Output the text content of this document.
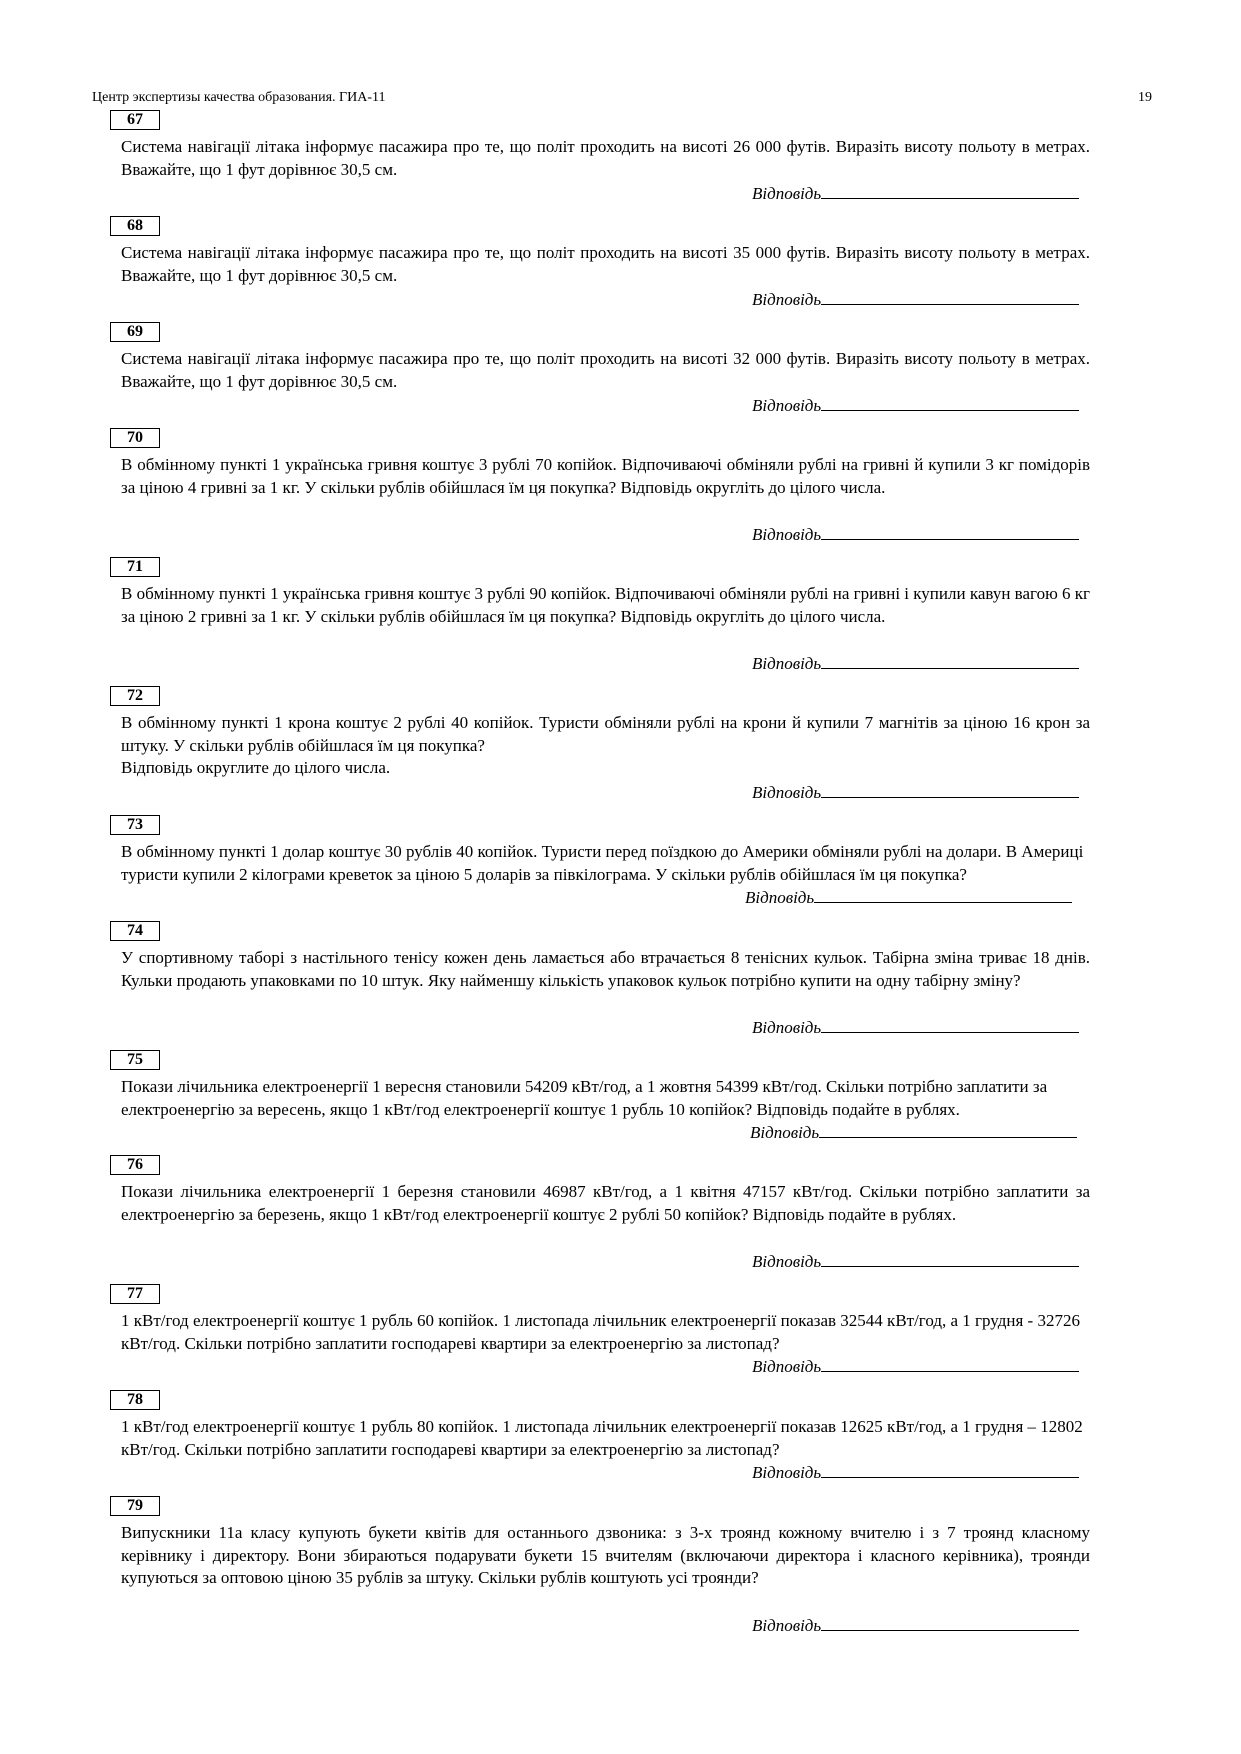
Центр экспертизы качества образования. ГИА-11	19
67

Система навігації літака інформує пасажира про те, що політ проходить на висоті 26 000 футів. Виразіть висоту польоту в метрах. Вважайте, що 1 фут дорівнює 30,5 см.

Відповідь
68

Система навігації літака інформує пасажира про те, що політ проходить на висоті 35 000 футів. Виразіть висоту польоту в метрах. Вважайте, що 1 фут дорівнює 30,5 см.

Відповідь
69

Система навігації літака інформує пасажира про те, що політ проходить на висоті 32 000 футів. Виразіть висоту польоту в метрах. Вважайте, що 1 фут дорівнює 30,5 см.

Відповідь
70

В обмінному пункті 1 українська гривня коштує 3 рублі 70 копійок. Відпочиваючі обміняли рублі на гривні й купили 3 кг помідорів за ціною 4 гривні за 1 кг. У скільки рублів обійшлася їм ця покупка? Відповідь округліть до цілого числа.

Відповідь
71

В обмінному пункті 1 українська гривня коштує 3 рублі 90 копійок. Відпочиваючі обміняли рублі на гривні і купили кавун вагою 6 кг за ціною 2 гривні за 1 кг. У скільки рублів обійшлася їм ця покупка? Відповідь округліть до цілого числа.

Відповідь
72

В обмінному пункті 1 крона коштує 2 рублі 40 копійок. Туристи обміняли рублі на крони й купили 7 магнітів за ціною 16 крон за штуку. У скільки рублів обійшлася їм ця покупка?

Відповідь округлите до цілого числа.

Відповідь
73

В обмінному пункті 1 долар коштує 30 рублів 40 копійок. Туристи перед поїздкою до Америки обміняли рублі на долари. В Америці туристи купили 2 кілограми креветок за ціною 5 доларів за півкілограма. У скільки рублів обійшлася їм ця покупка?

Відповідь
74

У спортивному таборі з настільного тенісу кожен день ламається або втрачається 8 тенісних кульок. Табірна зміна триває 18 днів. Кульки продають упаковками по 10 штук. Яку найменшу кількість упаковок кульок потрібно купити на одну табірну зміну?

Відповідь
75

Покази лічильника електроенергії 1 вересня становили 54209 кВт/год, а 1 жовтня 54399 кВт/год. Скільки потрібно заплатити за електроенергію за вересень, якщо 1 кВт/год електроенергії коштує 1 рубль 10 копійок? Відповідь подайте в рублях.

Відповідь
76

Покази лічильника електроенергії 1 березня становили 46987 кВт/год, а 1 квітня 47157 кВт/год. Скільки потрібно заплатити за електроенергію за березень, якщо 1 кВт/год електроенергії коштує 2 рублі 50 копійок? Відповідь подайте в рублях.

Відповідь
77

1 кВт/год електроенергії коштує 1 рубль 60 копійок. 1 листопада лічильник електроенергії показав 32544 кВт/год, а 1 грудня - 32726 кВт/год. Скільки потрібно заплатити господареві квартири за електроенергію за листопад?

Відповідь
78

1 кВт/год електроенергії коштує 1 рубль 80 копійок. 1 листопада лічильник електроенергії показав 12625 кВт/год, а 1 грудня – 12802 кВт/год. Скільки потрібно заплатити господареві квартири за електроенергію за листопад?

Відповідь
79

Випускники 11а класу купують букети квітів для останнього дзвоника: з 3-х троянд кожному вчителю і з 7 троянд класному керівнику і директору. Вони збираються подарувати букети 15 вчителям (включаючи директора і класного керівника), троянди купуються за оптовою ціною 35 рублів за штуку. Скільки рублів коштують усі троянди?

Відповідь
